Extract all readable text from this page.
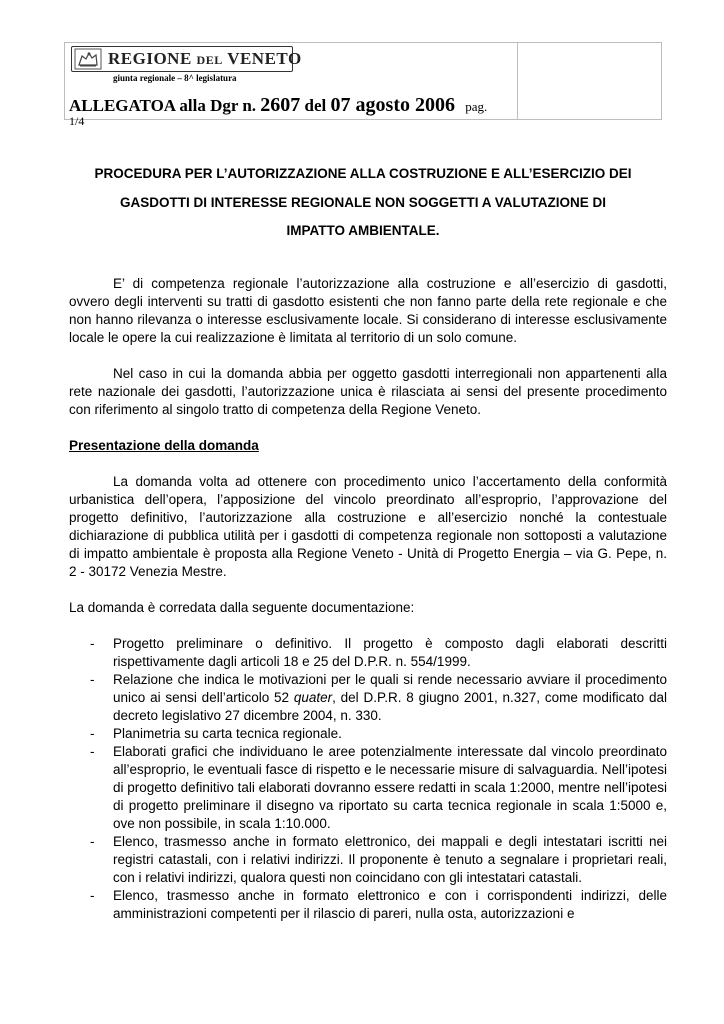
REGIONE DEL VENETO
giunta regionale – 8^ legislatura
ALLEGATOA alla Dgr n. 2607 del 07 agosto 2006 pag.
1/4
PROCEDURA PER L’AUTORIZZAZIONE ALLA COSTRUZIONE E ALL’ESERCIZIO DEI
GASDOTTI DI INTERESSE REGIONALE NON SOGGETTI A VALUTAZIONE DI
IMPATTO AMBIENTALE.

E’ di competenza regionale l’autorizzazione alla costruzione e all’esercizio di gasdotti, ovvero degli interventi su tratti di gasdotto esistenti che non fanno parte della rete regionale e che non hanno rilevanza o interesse esclusivamente locale. Si considerano di interesse esclusivamente locale le opere la cui realizzazione è limitata al territorio di un solo comune.

Nel caso in cui la domanda abbia per oggetto gasdotti interregionali non appartenenti alla rete nazionale dei gasdotti, l’autorizzazione unica è rilasciata ai sensi del presente procedimento con riferimento al singolo tratto di competenza della Regione Veneto.

Presentazione della domanda

La domanda volta ad ottenere con procedimento unico l’accertamento della conformità urbanistica dell’opera, l’apposizione del vincolo preordinato all’esproprio, l’approvazione del progetto definitivo, l’autorizzazione alla costruzione e all’esercizio nonché la contestuale dichiarazione di pubblica utilità per i gasdotti di competenza regionale non sottoposti a valutazione di impatto ambientale è proposta alla Regione Veneto - Unità di Progetto Energia – via G. Pepe, n. 2 - 30172 Venezia Mestre.

La domanda è corredata dalla seguente documentazione:

- Progetto preliminare o definitivo. Il progetto è composto dagli elaborati descritti rispettivamente dagli articoli 18 e 25 del D.P.R. n. 554/1999.
- Relazione che indica le motivazioni per le quali si rende necessario avviare il procedimento unico ai sensi dell’articolo 52 quater, del D.P.R. 8 giugno 2001, n.327, come modificato dal decreto legislativo 27 dicembre 2004, n. 330.
- Planimetria su carta tecnica regionale.
- Elaborati grafici che individuano le aree potenzialmente interessate dal vincolo preordinato all’esproprio, le eventuali fasce di rispetto e le necessarie misure di salvaguardia. Nell’ipotesi di progetto definitivo tali elaborati dovranno essere redatti in scala 1:2000, mentre nell’ipotesi di progetto preliminare il disegno va riportato su carta tecnica regionale in scala 1:5000 e, ove non possibile, in scala 1:10.000.
- Elenco, trasmesso anche in formato elettronico, dei mappali e degli intestatari iscritti nei registri catastali, con i relativi indirizzi. Il proponente è tenuto a segnalare i proprietari reali, con i relativi indirizzi, qualora questi non coincidano con gli intestatari catastali.
- Elenco, trasmesso anche in formato elettronico e con i corrispondenti indirizzi, delle amministrazioni competenti per il rilascio di pareri, nulla osta, autorizzazioni e
